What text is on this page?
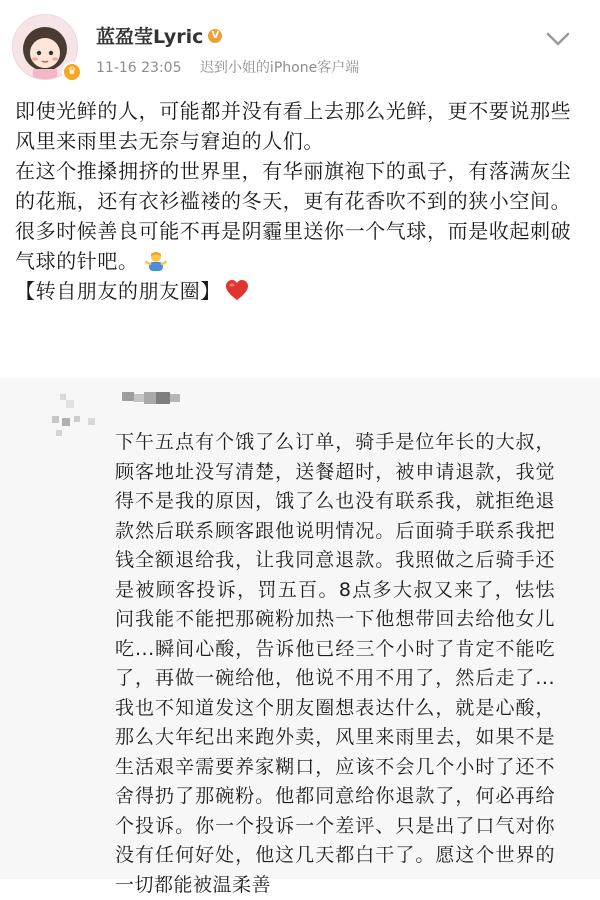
♛
蓝盈莹Lyric V
11-16 23:05 迟到小姐的iPhone客户端

即使光鲜的人，可能都并没有看上去那么光鲜，更不要说那些风里来雨里去无奈与窘迫的人们。

在这个推搡拥挤的世界里，有华丽旗袍下的虱子，有落满灰尘的花瓶，还有衣衫褴褛的冬天，更有花香吹不到的狭小空间。

很多时候善良可能不再是阴霾里送你一个气球，而是收起刺破气球的针吧。

【转自朋友的朋友圈】

下午五点有个饿了么订单，骑手是位年长的大叔，顾客地址没写清楚，送餐超时，被申请退款，我觉得不是我的原因，饿了么也没有联系我，就拒绝退款然后联系顾客跟他说明情况。后面骑手联系我把钱全额退给我，让我同意退款。我照做之后骑手还是被顾客投诉，罚五百。8点多大叔又来了，怯怯问我能不能把那碗粉加热一下他想带回去给他女儿吃...瞬间心酸，告诉他已经三个小时了肯定不能吃了，再做一碗给他，他说不用不用了，然后走了...我也不知道发这个朋友圈想表达什么，就是心酸，那么大年纪出来跑外卖，风里来雨里去，如果不是生活艰辛需要养家糊口，应该不会几个小时了还不舍得扔了那碗粉。他都同意给你退款了，何必再给个投诉。你一个投诉一个差评、只是出了口气对你没有任何好处，他这几天都白干了。愿这个世界的一切都能被温柔善
